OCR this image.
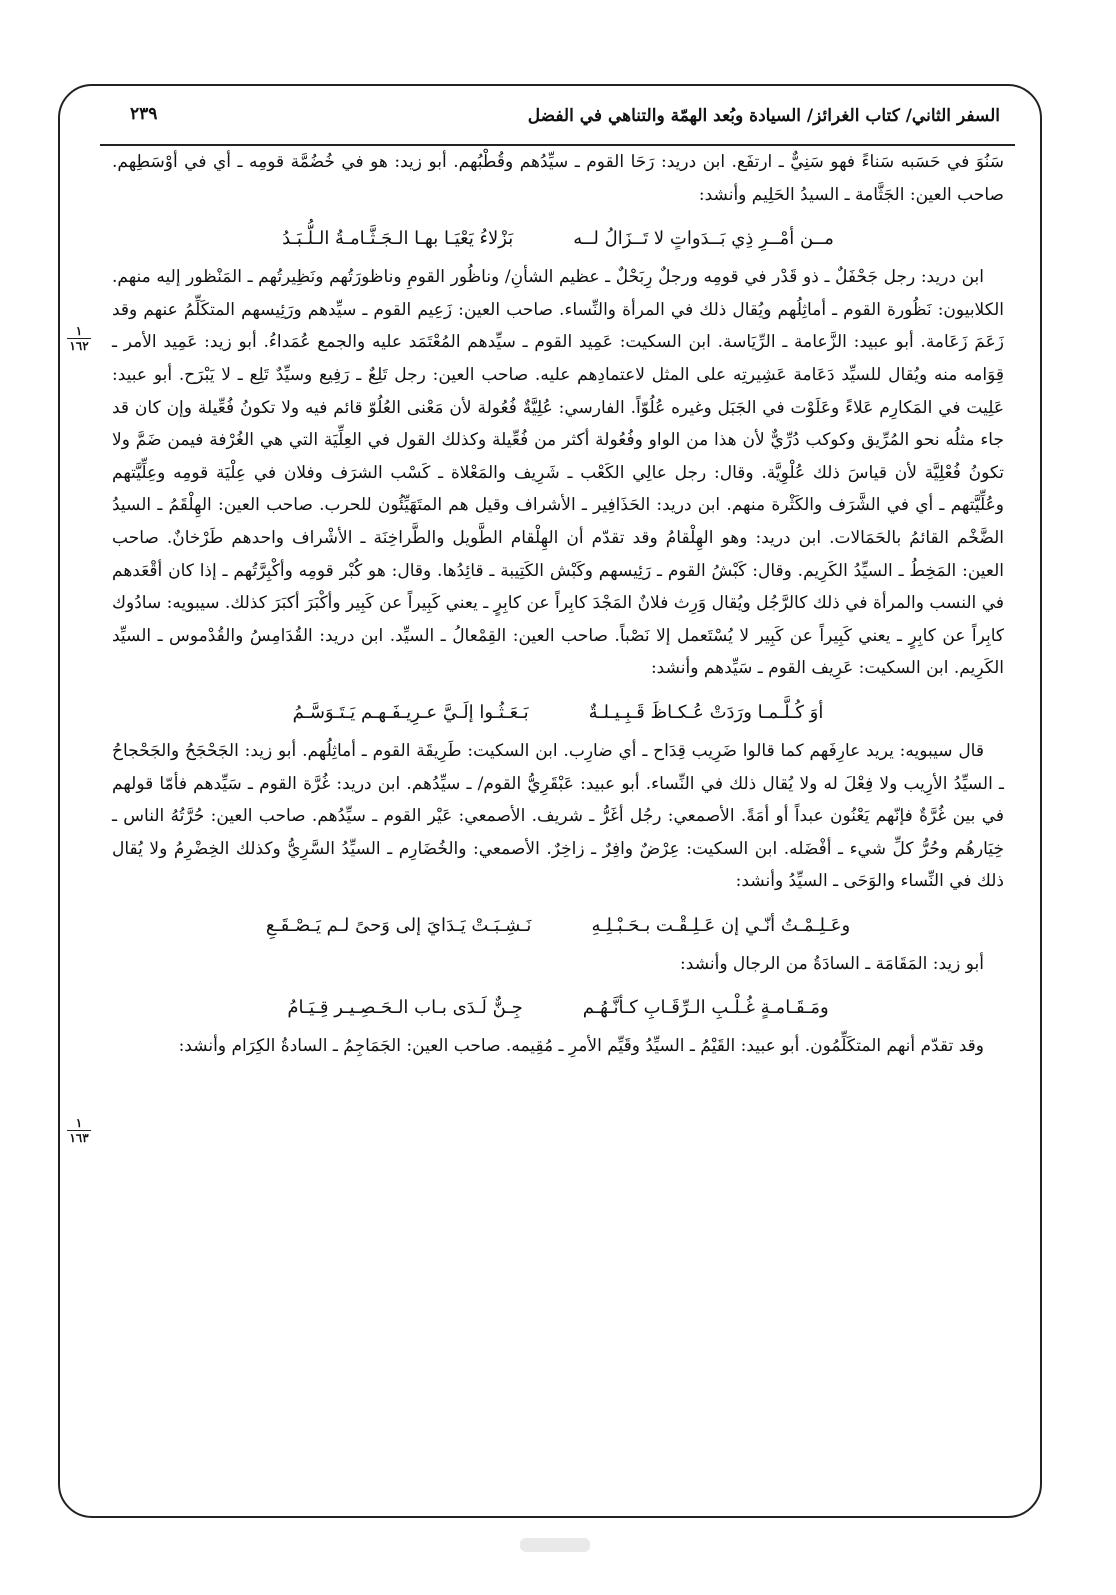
السفر الثاني/ كتاب الغرائز/ السيادة وبُعد الهمّة والتناهي في الفضل
٢٣٩
١
١٦٢
١
١٦٣

سَنُوَ في حَسَبه سَناءً فهو سَنِيٌّ ـ ارتفَع. ابن دريد: رَحَا القوم ـ سيِّدُهم وقُطْبُهم. أبو زيد: هو في خُضُمَّة قومِه ـ أي في أوْسَطِهم. صاحب العين: الجَثَّامة ـ السيدُ الحَلِيم وأنشد:

مــن أمْــرِ ذِي بَــدَواتٍ لا تَــزَالُ لــه
بَزْلاءُ يَعْيَـا بهـا الـجَـثَّـامـةُ الـلُّـبَـدُ

ابن دريد: رجل جَحْفَلٌ ـ ذو قَدْر في قومِه ورجلٌ رِبَحْلٌ ـ عظيم الشأنِ/ وناظُور القومِ وناظورَتُهم ونَظِيرتُهم ـ المَنْظور إليه منهم. الكلابيون: نَظُورة القوم ـ أماثِلُهم ويُقال ذلك في المرأة والنِّساء. صاحب العين: زَعِيم القوم ـ سيِّدهم ورَئِيسهم المتكَلِّمُ عنهم وقد زَعَمَ زَعَامة. أبو عبيد: الزَّعامة ـ الرِّيَاسة. ابن السكيت: عَمِيد القوم ـ سيِّدهم المُعْتَمَد عليه والجمع عُمَداءُ. أبو زيد: عَمِيد الأمر ـ قِوَامه منه ويُقال للسيِّد دَعَامة عَشِيرتِه على المثل لاعتمادِهم عليه. صاحب العين: رجل تَلِعٌ ـ رَفِيع وسيِّدٌ تَلِع ـ لا يَبْرَح. أبو عبيد: عَلِيت في المَكارِم عَلاءً وعَلَوْت في الجَبَل وغيره عُلُوّاً. الفارسي: عُلِيَّةٌ فُعُولة لأن مَعْنى العُلُوّ قائم فيه ولا تكونُ فُعِّيلة وإن كان قد جاء مثلُه نحو المُرِّيق وكوكب دُرِّيٌّ لأن هذا من الواو وفُعُولة أكثر من فُعِّيلة وكذلك القول في العِلِّيَة التي هي الغُرْفة فيمن ضَمَّ ولا تكونُ فُعْلِيَّة لأن قياسَ ذلك عُلْوِيَّة. وقال: رجل عالِي الكَعْب ـ شَرِيف والمَعْلاة ـ كَسْب الشرَف وفلان في عِلْيَة قومِه وعِلِّيَّتهم وعُلِّيَّتهم ـ أي في الشَّرَف والكَثْرة منهم. ابن دريد: الحَذَافِير ـ الأشراف وقيل هم المتَهَيِّئُون للحرب. صاحب العين: الهِلْقَمُ ـ السيدُ الضَّخْم القائمُ بالحَمَالات. ابن دريد: وهو الهِلْقامُ وقد تقدّم أن الهِلْقام الطَّويل والطَّراخِنَة ـ الأشْراف واحدهم طَرْخانٌ. صاحب العين: المَخِطُ ـ السيِّدُ الكَرِيم. وقال: كَبْشُ القوم ـ رَئِيسهم وكَبْش الكَتِيبة ـ قائِدُها. وقال: هو كُبْر قومِه وأكْبِرَّتُهم ـ إذا كان أقْعَدهم في النسب والمرأة في ذلك كالرَّجُل ويُقال وَرِث فلانٌ المَجْدَ كابِراً عن كابِرٍ ـ يعني كَبِيراً عن كَبِير وأكْبَرَ أكبَرَ كذلك. سيبويه: سادُوك كابِراً عن كابِرٍ ـ يعني كَبِيراً عن كَبِير لا يُسْتَعمل إلا نَصْباً. صاحب العين: القِمْعالُ ـ السيِّد. ابن دريد: القُدَامِسُ والقُدْموس ـ السيِّد الكَرِيم. ابن السكيت: عَرِيف القوم ـ سَيِّدهم وأنشد:

أوَ كُـلَّـمـا ورَدَتْ عُـكـاظَ قَـبِـيـلـةٌ
بَـعَـثُـوا إلَـيَّ عـرِيـفَـهـم يَـتَـوَسَّـمُ

قال سيبويه: يريد عارِفَهم كما قالوا ضَرِيب قِدَاح ـ أي ضارِب. ابن السكيت: طَرِيقَة القوم ـ أماثِلُهم. أبو زيد: الجَحْجَحُ والجَحْجاحُ ـ السيِّدُ الأرِيب ولا فِعْلَ له ولا يُقال ذلك في النِّساء. أبو عبيد: عَبْقَرِيُّ القوم/ ـ سيِّدُهم. ابن دريد: غُرَّة القوم ـ سَيِّدهم فأمّا قولهم في بين غُرَّةٌ فإنّهم يَعْنُون عبداً أو أمَةً. الأصمعي: رجُل أغَرُّ ـ شريف. الأصمعي: عَيْر القوم ـ سيِّدُهم. صاحب العين: حُرَّتُهُ الناس ـ خِيَارهُم وحُرُّ كلِّ شيء ـ أفْضَله. ابن السكيت: عِرْضٌ وافِرٌ ـ زاخِرٌ. الأصمعي: والخُضَارِم ـ السيِّدُ السَّرِيُّ وكذلك الخِضْرِمُ ولا يُقال ذلك في النِّساء والوَحَى ـ السيِّدُ وأنشد:

وعَـلِـمْـتُ أنّـي إن عَـلِـقْـت بـحَـبْـلِـهِ
نَـشِـبَـتْ يَـدَايَ إلى وَحىً لـم يَـصْـقَـعِ

أبو زيد: المَقَامَة ـ السادَةُ من الرجال وأنشد:

ومَـقَـامـةٍ غُـلْـبِ الـرِّقَـابِ كـأنَّـهُـم
جِـنٌّ لَـدَى بـاب الـحَـصِـيـر قِـيَـامُ

وقد تقدّم أنهم المتكَلِّمُون. أبو عبيد: القَيْمُ ـ السيِّدُ وقَيِّم الأمرِ ـ مُقِيمه. صاحب العين: الجَمَاجِمُ ـ السادةُ الكِرَام وأنشد:
